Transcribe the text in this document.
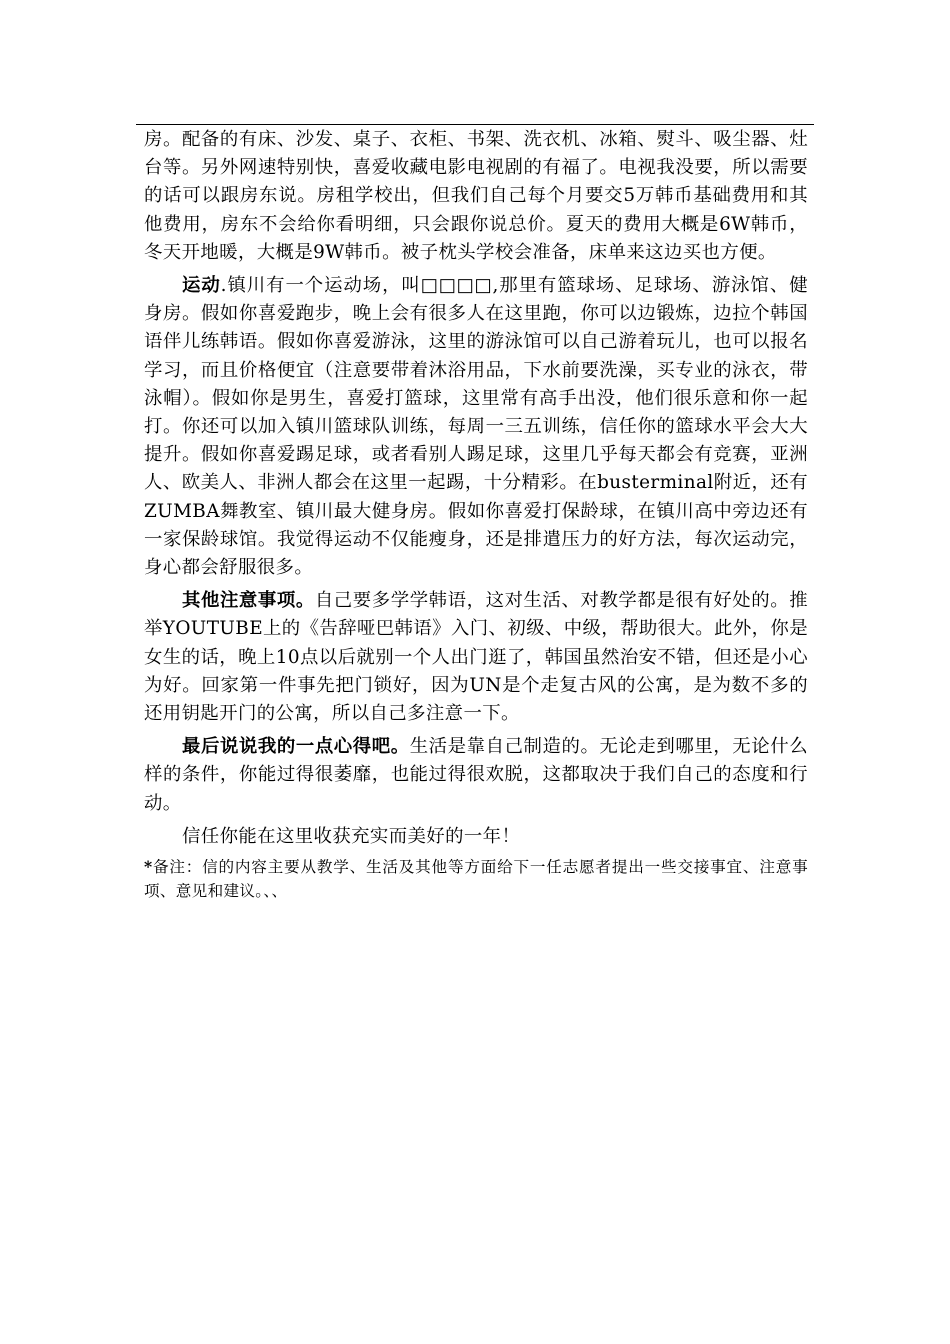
房。配备的有床、沙发、桌子、衣柜、书架、洗衣机、冰箱、熨斗、吸尘器、灶台等。另外网速特别快，喜爱收藏电影电视剧的有福了。电视我没要，所以需要的话可以跟房东说。房租学校出，但我们自己每个月要交5万韩币基础费用和其他费用，房东不会给你看明细，只会跟你说总价。夏天的费用大概是6W韩币，冬天开地暖，大概是9W韩币。被子枕头学校会准备，床单来这边买也方便。

运动.镇川有一个运动场，叫□□□□,那里有篮球场、足球场、游泳馆、健身房。假如你喜爱跑步，晚上会有很多人在这里跑，你可以边锻炼，边拉个韩国语伴儿练韩语。假如你喜爱游泳，这里的游泳馆可以自己游着玩儿，也可以报名学习，而且价格便宜（注意要带着沐浴用品，下水前要洗澡，买专业的泳衣，带泳帽）。假如你是男生，喜爱打篮球，这里常有高手出没，他们很乐意和你一起打。你还可以加入镇川篮球队训练，每周一三五训练，信任你的篮球水平会大大提升。假如你喜爱踢足球，或者看别人踢足球，这里几乎每天都会有竞赛，亚洲人、欧美人、非洲人都会在这里一起踢，十分精彩。在busterminal附近，还有ZUMBA舞教室、镇川最大健身房。假如你喜爱打保龄球，在镇川高中旁边还有一家保龄球馆。我觉得运动不仅能瘦身，还是排遣压力的好方法，每次运动完，身心都会舒服很多。

其他注意事项。自己要多学学韩语，这对生活、对教学都是很有好处的。推举YOUTUBE上的《告辞哑巴韩语》入门、初级、中级，帮助很大。此外，你是女生的话，晚上10点以后就别一个人出门逛了，韩国虽然治安不错，但还是小心为好。回家第一件事先把门锁好，因为UN是个走复古风的公寓，是为数不多的还用钥匙开门的公寓，所以自己多注意一下。

最后说说我的一点心得吧。生活是靠自己制造的。无论走到哪里，无论什么样的条件，你能过得很萎靡，也能过得很欢脱，这都取决于我们自己的态度和行动。

信任你能在这里收获充实而美好的一年！

*备注：信的内容主要从教学、生活及其他等方面给下一任志愿者提出一些交接事宜、注意事项、意见和建议。、、
